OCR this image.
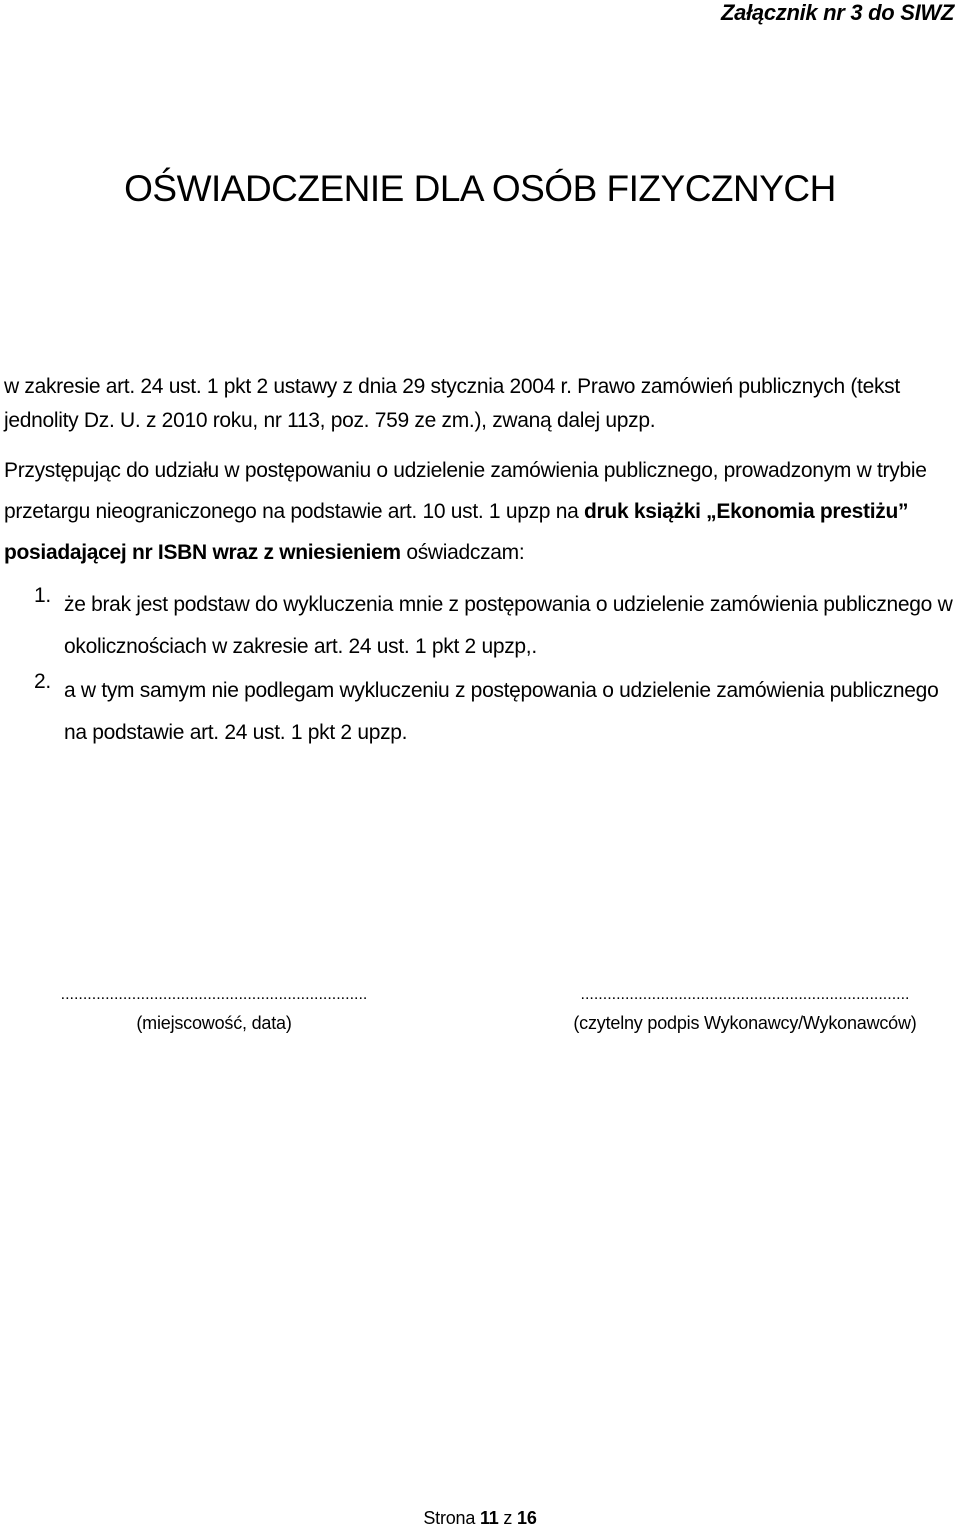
Załącznik nr 3 do SIWZ
OŚWIADCZENIE DLA OSÓB FIZYCZNYCH
w zakresie art. 24 ust. 1 pkt 2 ustawy z dnia 29 stycznia 2004 r. Prawo zamówień publicznych (tekst jednolity Dz. U. z 2010 roku, nr 113, poz. 759 ze zm.), zwaną dalej upzp.
Przystępując do udziału w postępowaniu o udzielenie zamówienia publicznego, prowadzonym w trybie przetargu nieograniczonego na podstawie art. 10 ust. 1 upzp na druk książki „Ekonomia prestiżu” posiadającej nr ISBN wraz z wniesieniem oświadczam:
1. że brak jest podstaw do wykluczenia mnie z postępowania o udzielenie zamówienia publicznego w okolicznościach w zakresie art. 24 ust. 1 pkt 2 upzp,.
2. a w tym samym nie podlegam wykluczeniu z postępowania o udzielenie zamówienia publicznego na podstawie art. 24 ust. 1 pkt 2 upzp.
.....................................................................
(miejscowość, data)
..........................................................................
(czytelny podpis Wykonawcy/Wykonawców)
Strona 11 z 16
